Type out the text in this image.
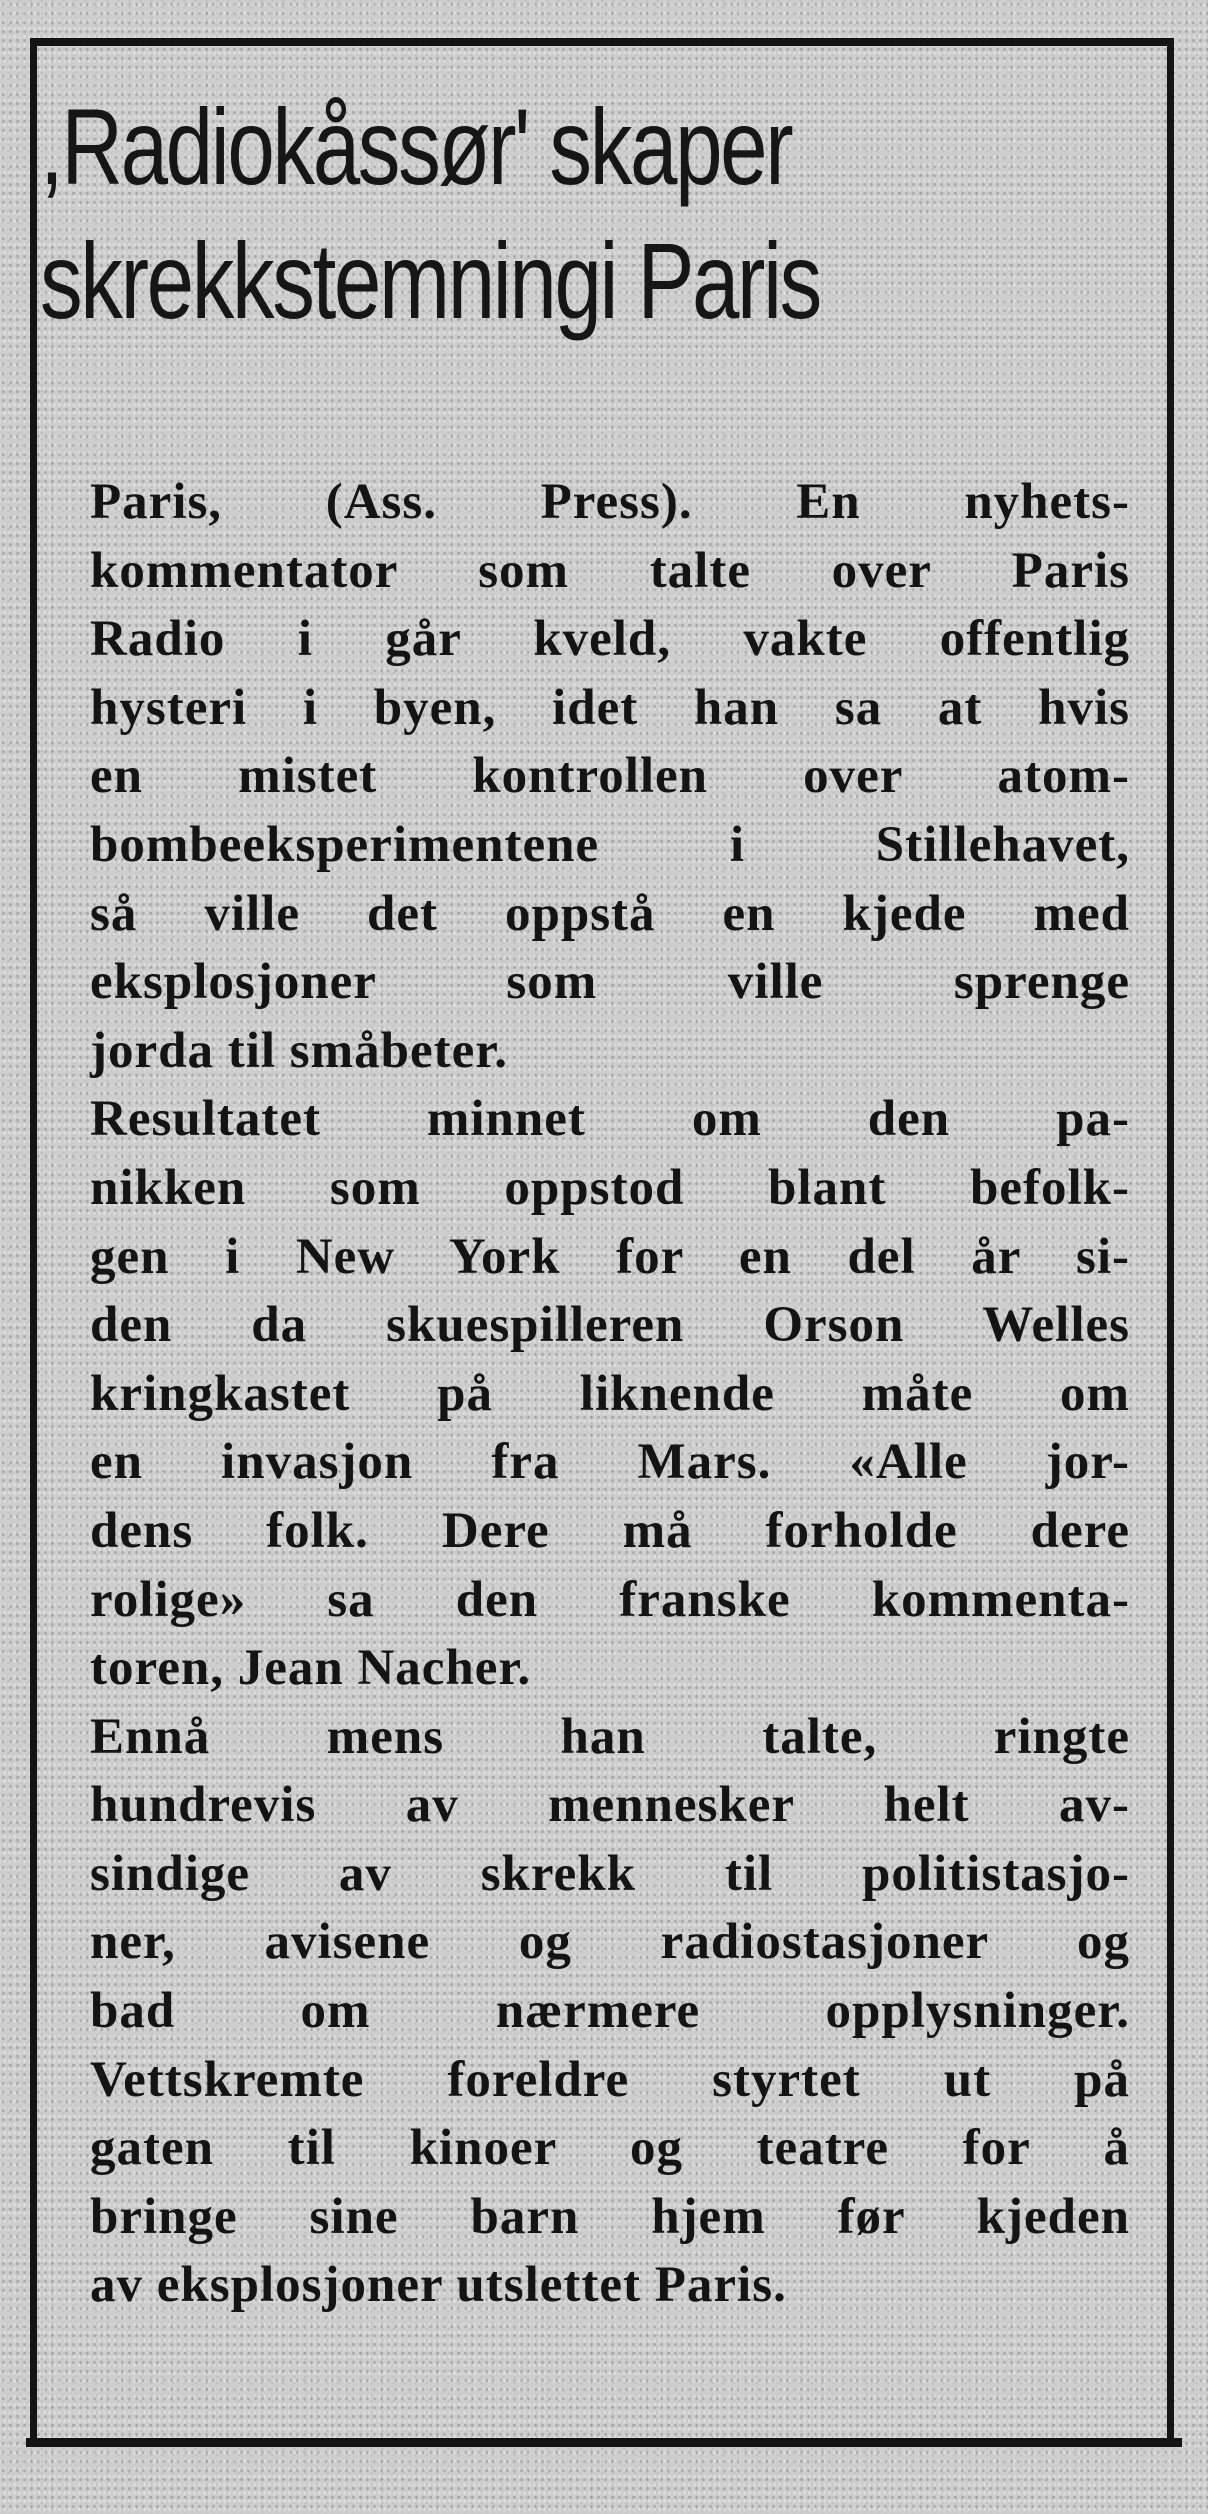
,Radiokåssør' skaper
skrekkstemningi Paris
Paris, (Ass. Press). En nyhets-
kommentator som talte over Paris
Radio i går kveld, vakte offentlig
hysteri i byen, idet han sa at hvis
en mistet kontrollen over atom-
bombeeksperimentene i Stillehavet,
så ville det oppstå en kjede med
eksplosjoner som ville sprenge
jorda til småbeter.
Resultatet minnet om den pa-
nikken som oppstod blant befolk-
gen i New York for en del år si-
den da skuespilleren Orson Welles
kringkastet på liknende måte om
en invasjon fra Mars. «Alle jor-
dens folk. Dere må forholde dere
rolige» sa den franske kommenta-
toren, Jean Nacher.
Ennå mens han talte, ringte
hundrevis av mennesker helt av-
sindige av skrekk til politistasjo-
ner, avisene og radiostasjoner og
bad om nærmere opplysninger.
Vettskremte foreldre styrtet ut på
gaten til kinoer og teatre for å
bringe sine barn hjem før kjeden
av eksplosjoner utslettet Paris.
